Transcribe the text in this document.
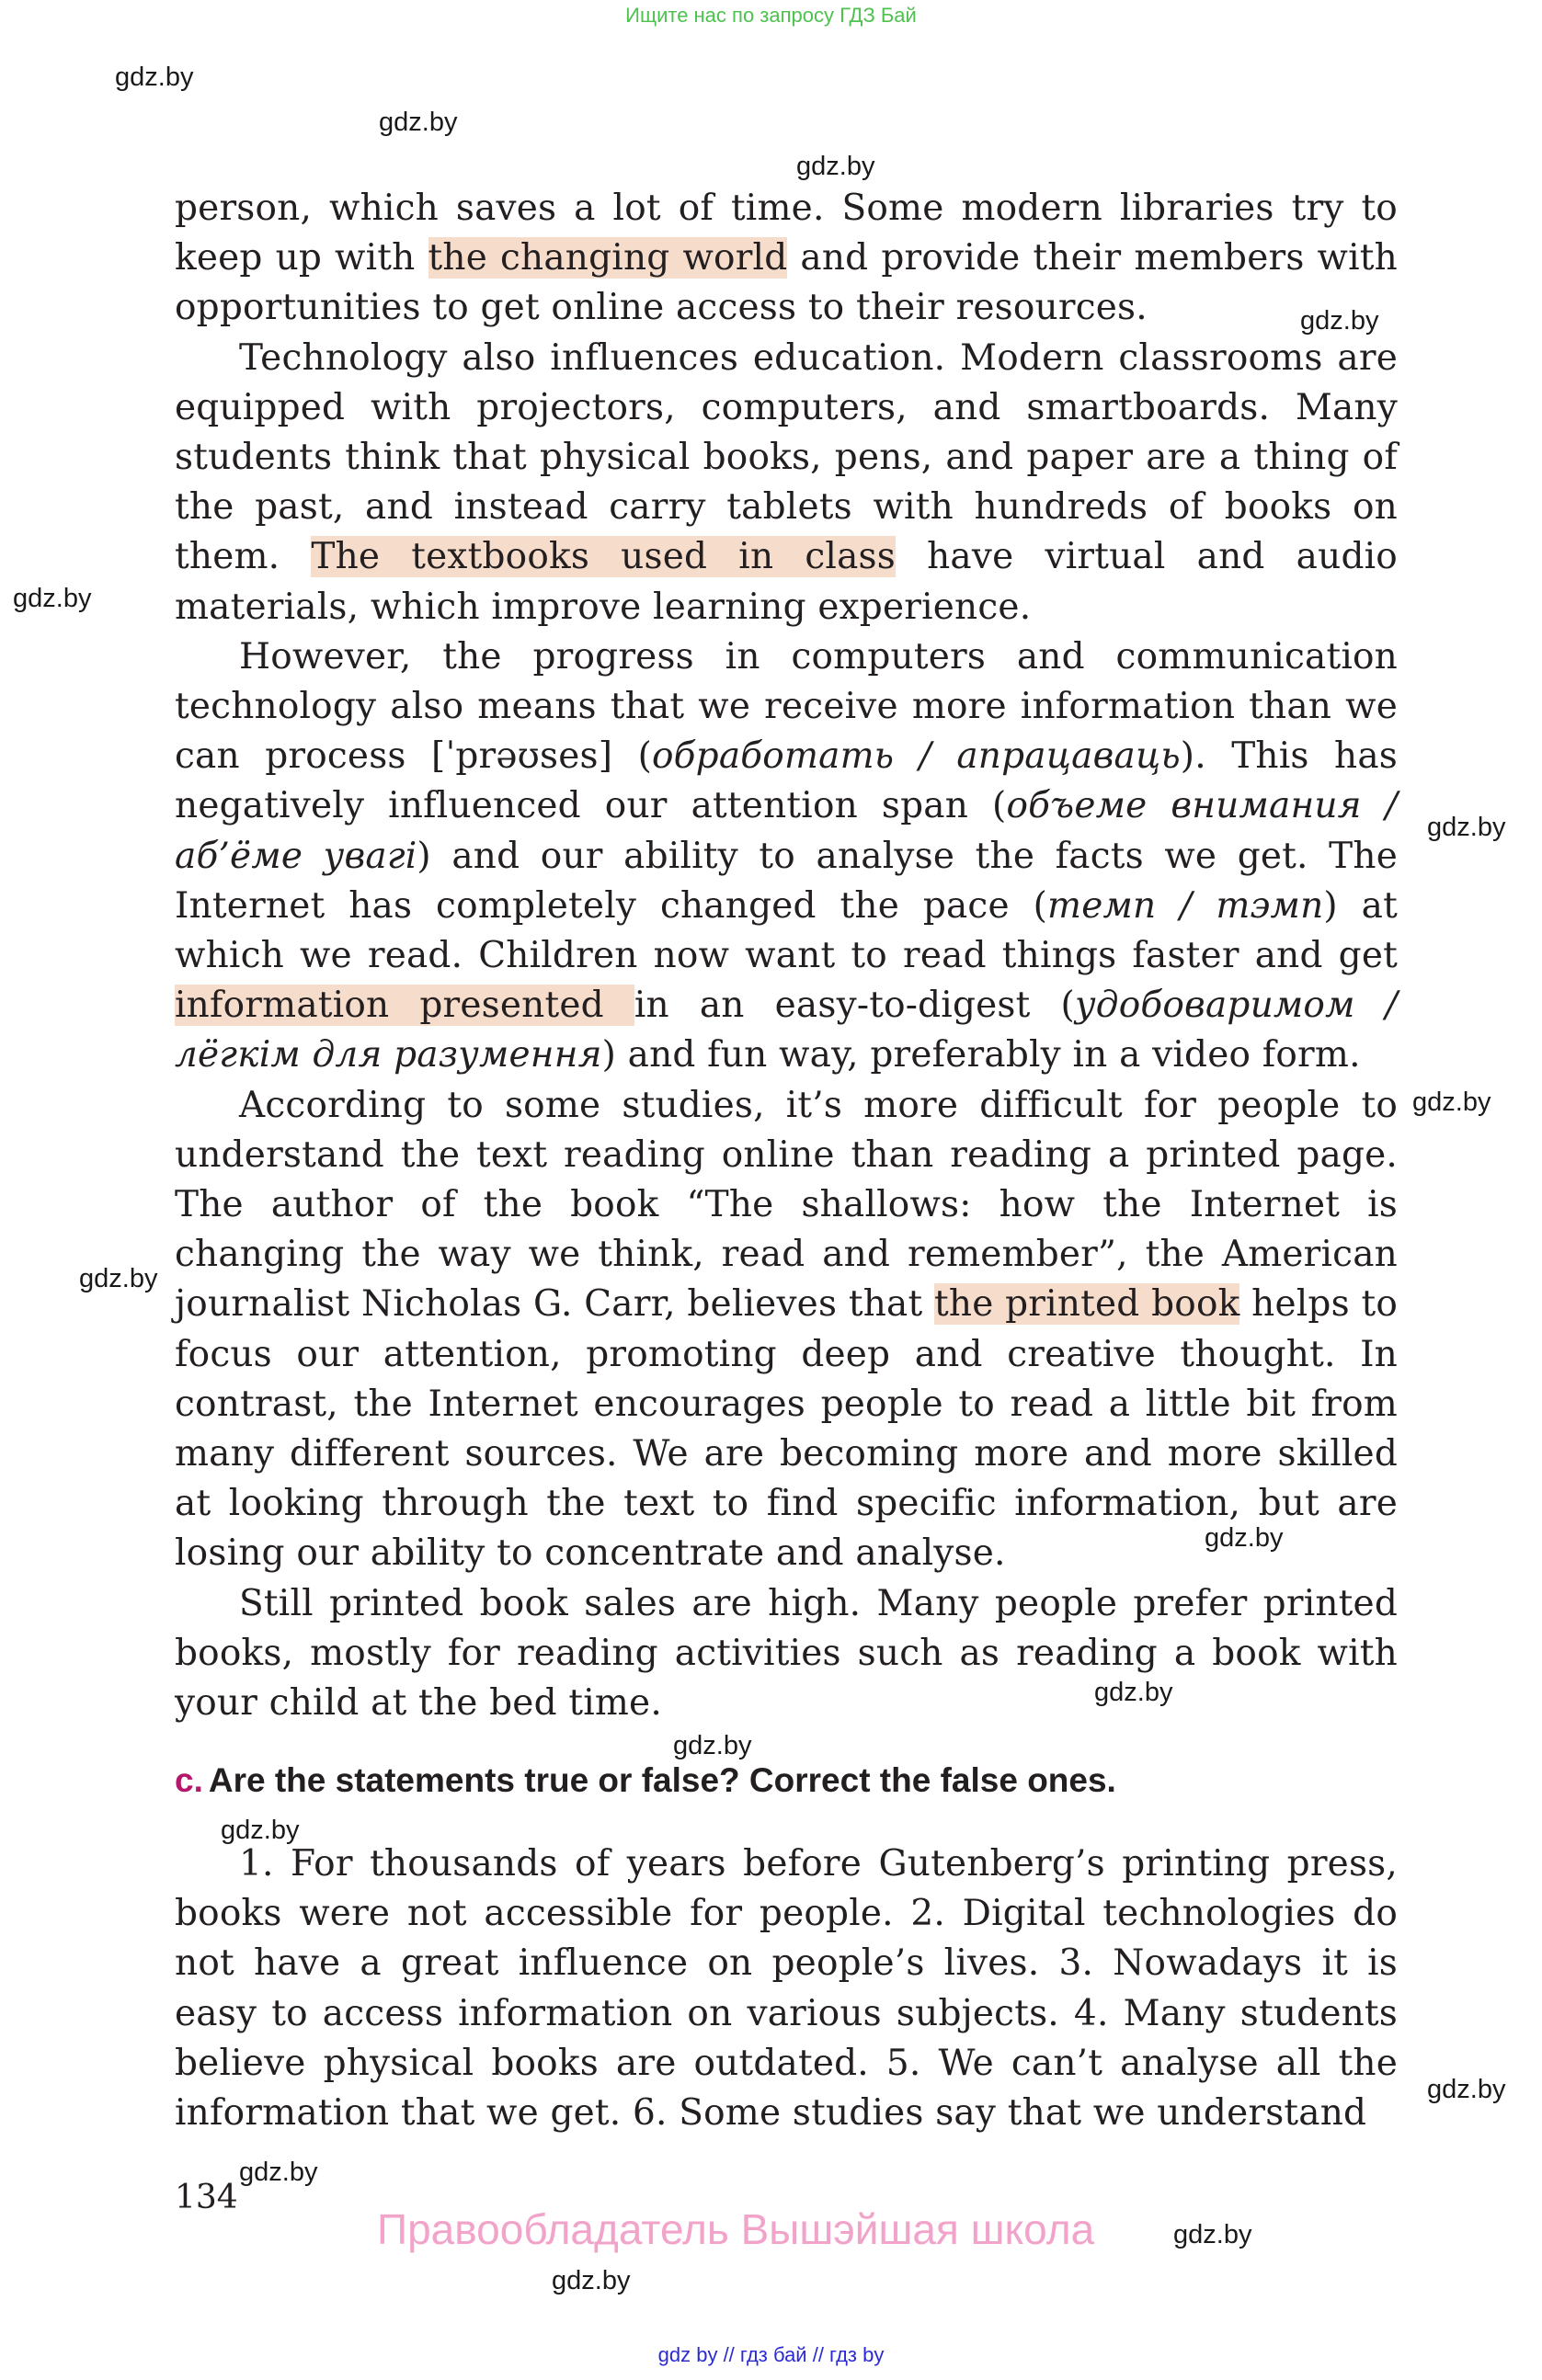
Ищите нас по запросу ГДЗ Бай
gdz.by
gdz.by
gdz.by
gdz.by
gdz.by
gdz.by
gdz.by
gdz.by
gdz.by
gdz.by
gdz.by
gdz.by
gdz.by
gdz.by
gdz.by
gdz.by

person, which saves a lot of time. Some modern libraries try to keep up with the changing world and provide their members with opportunities to get online access to their resources.

Technology also influences education. Modern classrooms are equipped with projectors, computers, and smartboards. Many students think that physical books, pens, and paper are a thing of the past, and instead carry tablets with hundreds of books on them. The textbooks used in class have virtual and audio materials, which improve learning experience.

However, the progress in computers and communication technology also means that we receive more information than we can process [ˈprəʊses] (обработать / апрацаваць). This has negatively influenced our attention span (объеме внимания / аб’ёме увагі) and our ability to analyse the facts we get. The Internet has completely changed the pace (темп / тэмп) at which we read. Children now want to read things faster and get information presented in an easy-to-digest (удобоваримом / лёгкім для разумення) and fun way, preferably in a video form.

According to some studies, it’s more difficult for people to understand the text reading online than reading a printed page. The author of the book “The shallows: how the Internet is changing the way we think, read and remember”, the American journalist Nicholas G. Carr, believes that the printed book helps to focus our attention, promoting deep and creative thought. In contrast, the Internet encourages people to read a little bit from many different sources. We are becoming more and more skilled at looking through the text to find specific information, but are losing our ability to concentrate and analyse.

Still printed book sales are high. Many people prefer printed books, mostly for reading activities such as reading a book with your child at the bed time.

c. Are the statements true or false? Correct the false ones.

1. For thousands of years before Gutenberg’s printing press, books were not accessible for people. 2. Digital technologies do not have a great influence on people’s lives. 3. Nowadays it is easy to access information on various subjects. 4. Many students believe physical books are outdated. 5. We can’t analyse all the information that we get. 6. Some studies say that we understand

134
Правообладатель Вышэйшая школа
gdz by // гдз бай // гдз by
